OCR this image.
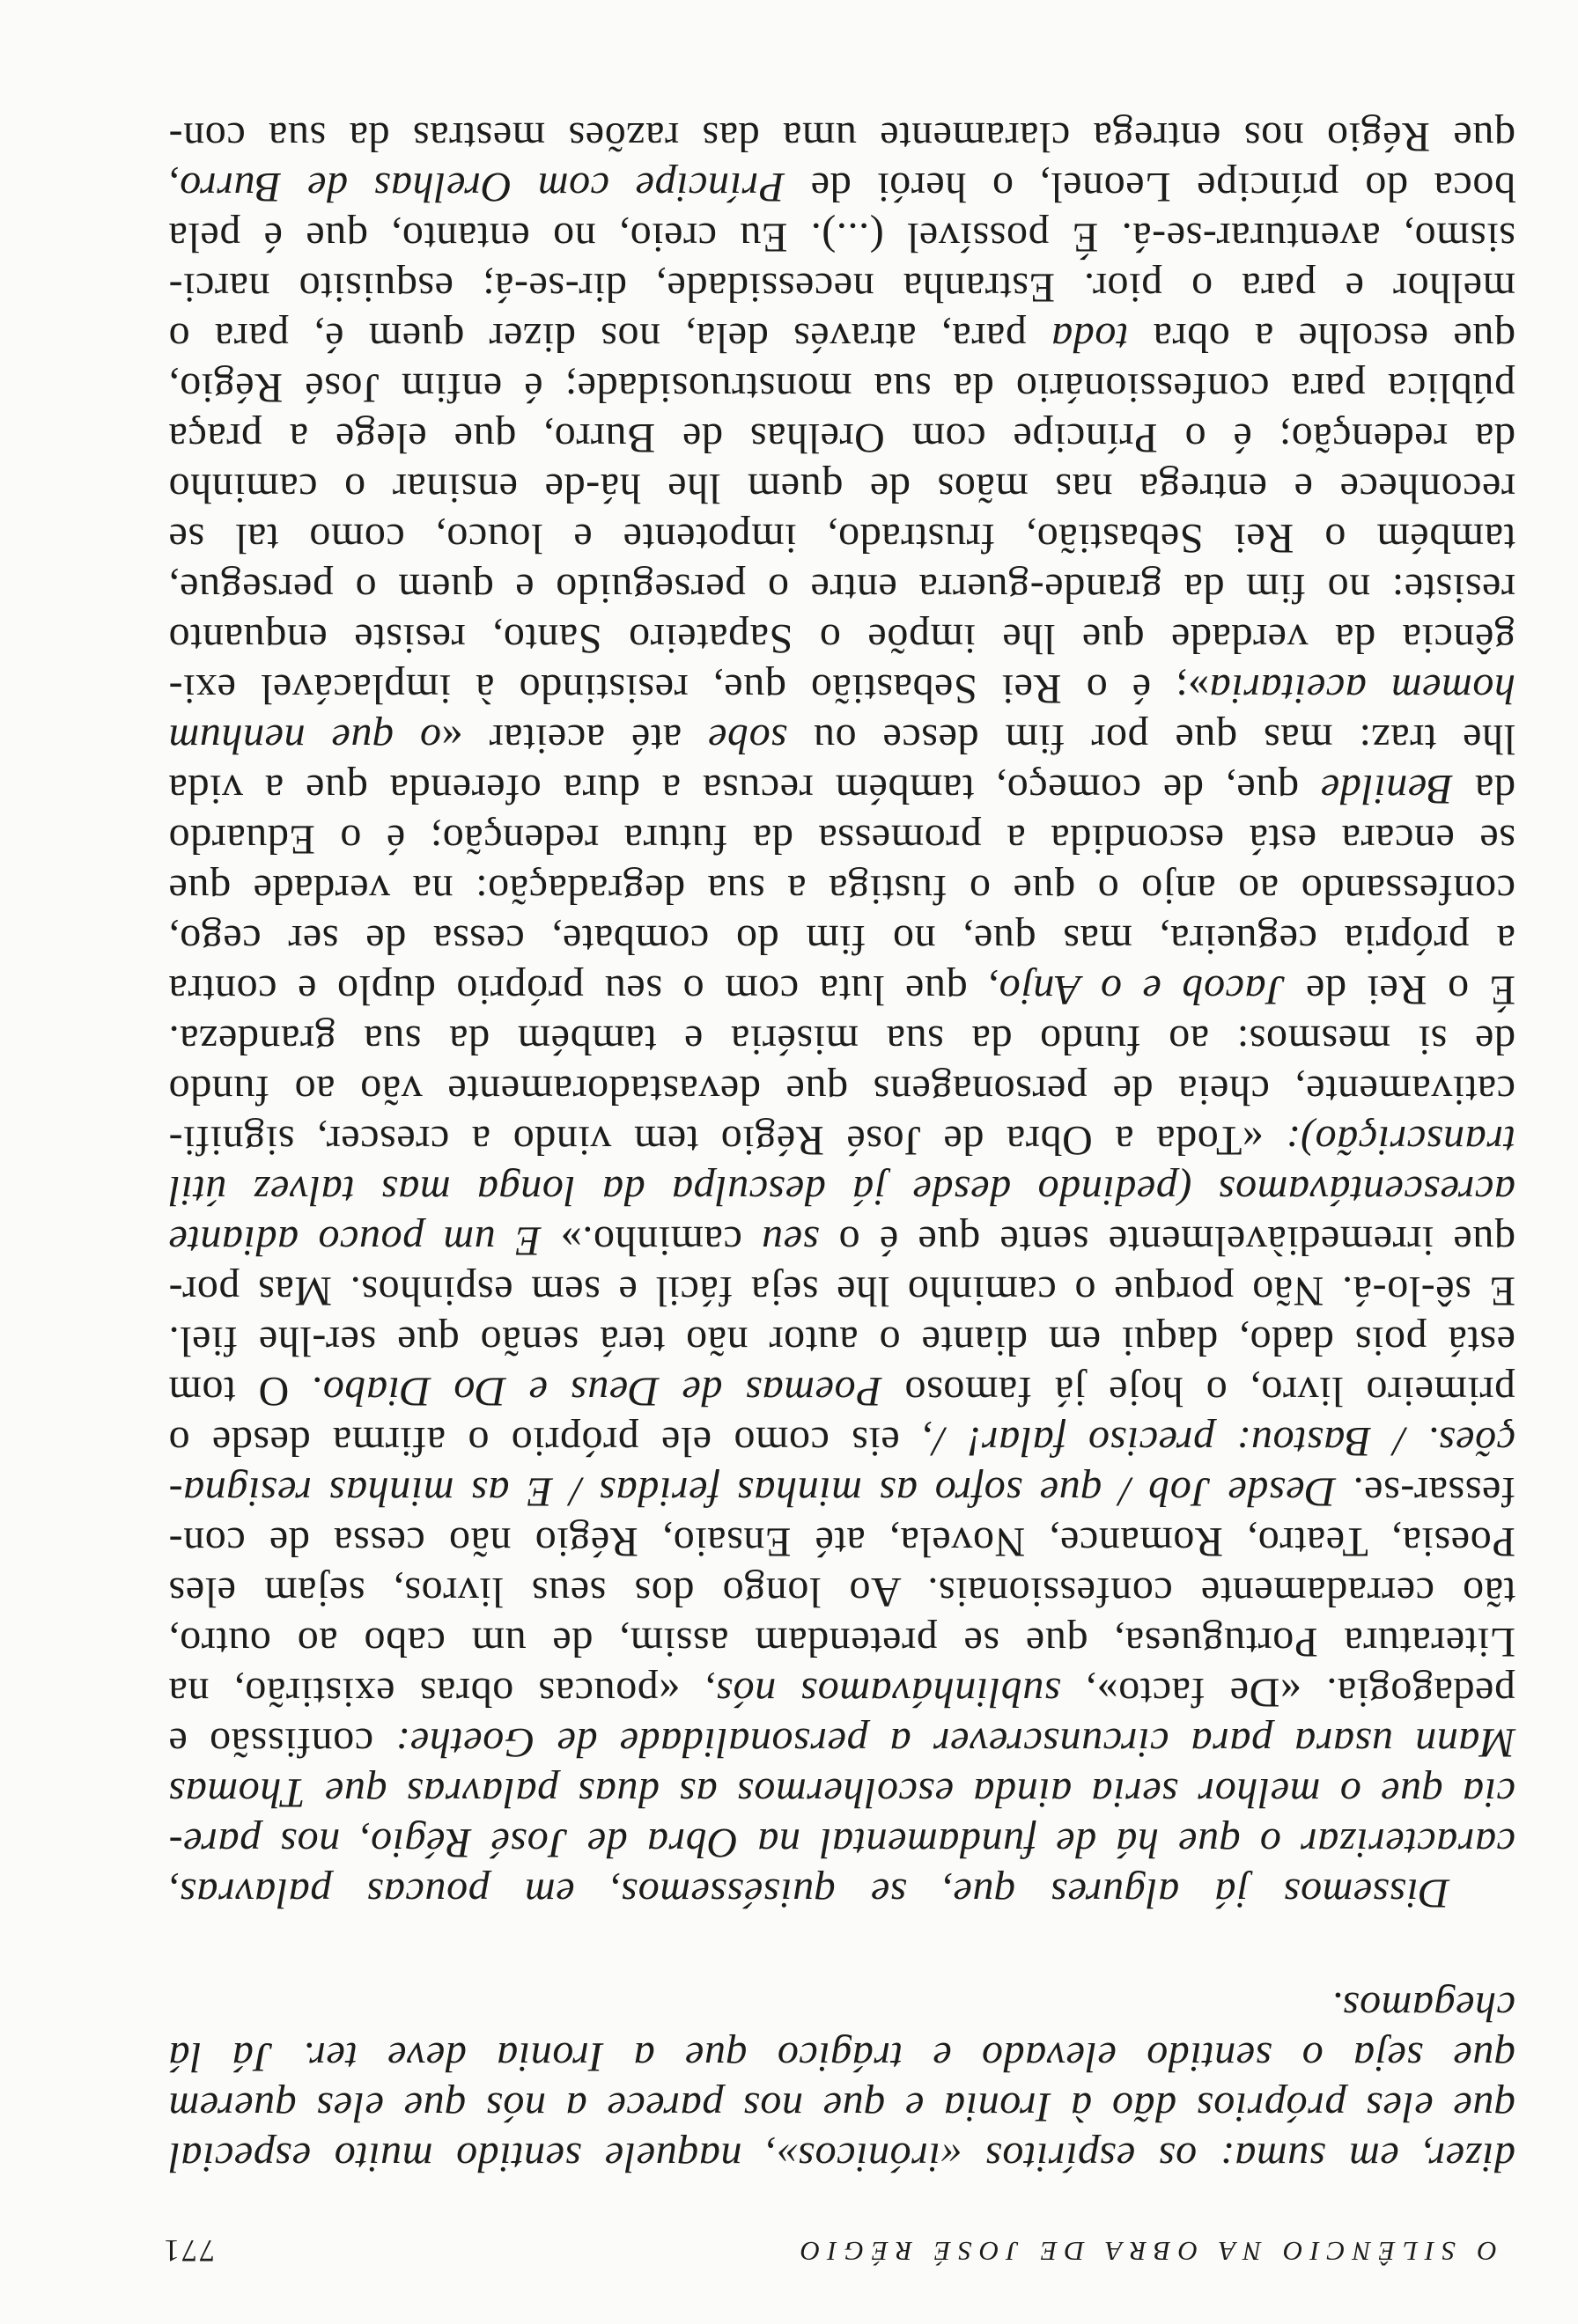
O SILÊNCIO NA OBRA DE JOSÉ RÉGIO
771
dizer, em suma: os espíritos «irónicos», naquele sentido muito especial
que eles próprios dão à Ironia e que nos parece a nós que eles querem
que seja o sentido elevado e trágico que a Ironia deve ter. Já lá
chegamos.
Dissemos já algures que, se quiséssemos, em poucas palavras,
caracterizar o que há de fundamental na Obra de José Régio, nos pare-
cia que o melhor seria ainda escolhermos as duas palavras que Thomas
Mann usara para circunscrever a personalidade de Goethe: confissão e
pedagogia. «De facto», sublinhávamos nós, «poucas obras existirão, na
Literatura Portuguesa, que se pretendam assim, de um cabo ao outro,
tão cerradamente confessionais. Ao longo dos seus livros, sejam eles
Poesia, Teatro, Romance, Novela, até Ensaio, Régio não cessa de con-
fessar-se. Desde Job / que sofro as minhas feridas / E as minhas resigna-
ções. / Bastou: preciso falar! /, eis como ele próprio o afirma desde o
primeiro livro, o hoje já famoso Poemas de Deus e Do Diabo. O tom
está pois dado, daqui em diante o autor não terá senão que ser-lhe fiel.
E sê-lo-á. Não porque o caminho lhe seja fácil e sem espinhos. Mas por-
que irremediàvelmente sente que é o seu caminho.» E um pouco adiante
acrescentávamos (pedindo desde já desculpa da longa mas talvez útil
transcrição): «Toda a Obra de José Régio tem vindo a crescer, signifi-
cativamente, cheia de personagens que devastadoramente vão ao fundo
de si mesmos: ao fundo da sua miséria e também da sua grandeza.
É o Rei de Jacob e o Anjo, que luta com o seu próprio duplo e contra
a própria cegueira, mas que, no fim do combate, cessa de ser cego,
confessando ao anjo o que o fustiga a sua degradação: na verdade que
se encara está escondida a promessa da futura redenção; é o Eduardo
da Benilde que, de começo, também recusa a dura oferenda que a vida
lhe traz: mas que por fim desce ou sobe até aceitar «o que nenhum
homem aceitaria»; é o Rei Sebastião que, resistindo à implacável exi-
gência da verdade que lhe impõe o Sapateiro Santo, resiste enquanto
resiste: no fim da grande-guerra entre o perseguido e quem o persegue,
também o Rei Sebastião, frustrado, impotente e louco, como tal se
reconhece e entrega nas mãos de quem lhe há-de ensinar o caminho
da redenção; é o Príncipe com Orelhas de Burro, que elege a praça
pública para confessionário da sua monstruosidade; é enfim José Régio,
que escolhe a obra toda para, através dela, nos dizer quem é, para o
melhor e para o pior. Estranha necessidade, dir-se-á; esquisito narci-
sismo, aventurar-se-á. É possível (...). Eu creio, no entanto, que é pela
boca do príncipe Leonel, o herói de Príncipe com Orelhas de Burro,
que Régio nos entrega claramente uma das razões mestras da sua con-
